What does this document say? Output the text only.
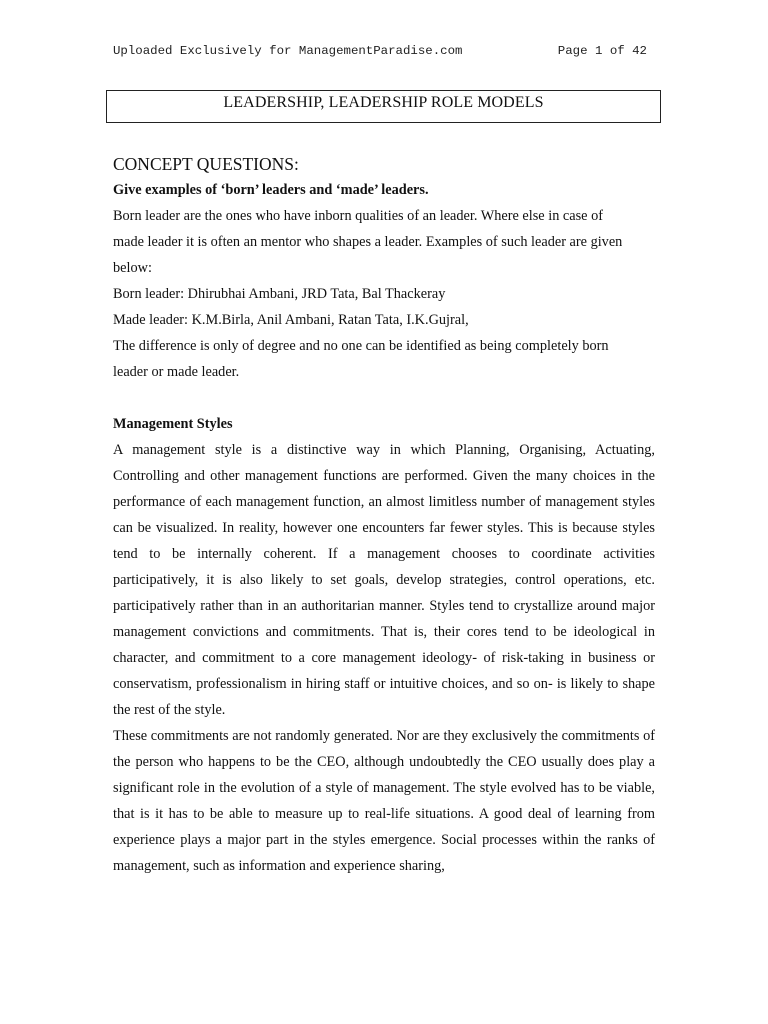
Uploaded Exclusively for ManagementParadise.com	Page 1 of 42
LEADERSHIP, LEADERSHIP ROLE MODELS
CONCEPT QUESTIONS:

Give examples of ‘born’ leaders and ‘made’ leaders.

Born leader are the ones who have inborn qualities of an leader. Where else in case of

made leader it is often an mentor who shapes a leader. Examples of such leader are given

below:

Born leader: Dhirubhai Ambani, JRD Tata, Bal Thackeray

Made leader: K.M.Birla, Anil Ambani, Ratan Tata, I.K.Gujral,

The difference is only of degree and no one can be identified as being completely born

leader or made leader.

Management Styles

A management style is a distinctive way in which Planning, Organising, Actuating, Controlling and other management functions are performed. Given the many choices in the performance of each management function, an almost limitless number of management styles can be visualized. In reality, however one encounters far fewer styles. This is because styles tend to be internally coherent. If a management chooses to coordinate activities participatively, it is also likely to set goals, develop strategies, control operations, etc. participatively rather than in an authoritarian manner. Styles tend to crystallize around major management convictions and commitments. That is, their cores tend to be ideological in character, and commitment to a core management ideology- of risk-taking in business or conservatism, professionalism in hiring staff or intuitive choices, and so on- is likely to shape the rest of the style.

These commitments are not randomly generated. Nor are they exclusively the commitments of the person who happens to be the CEO, although undoubtedly the CEO usually does play a significant role in the evolution of a style of management. The style evolved has to be viable, that is it has to be able to measure up to real-life situations. A good deal of learning from experience plays a major part in the styles emergence. Social processes within the ranks of management, such as information and experience sharing,
